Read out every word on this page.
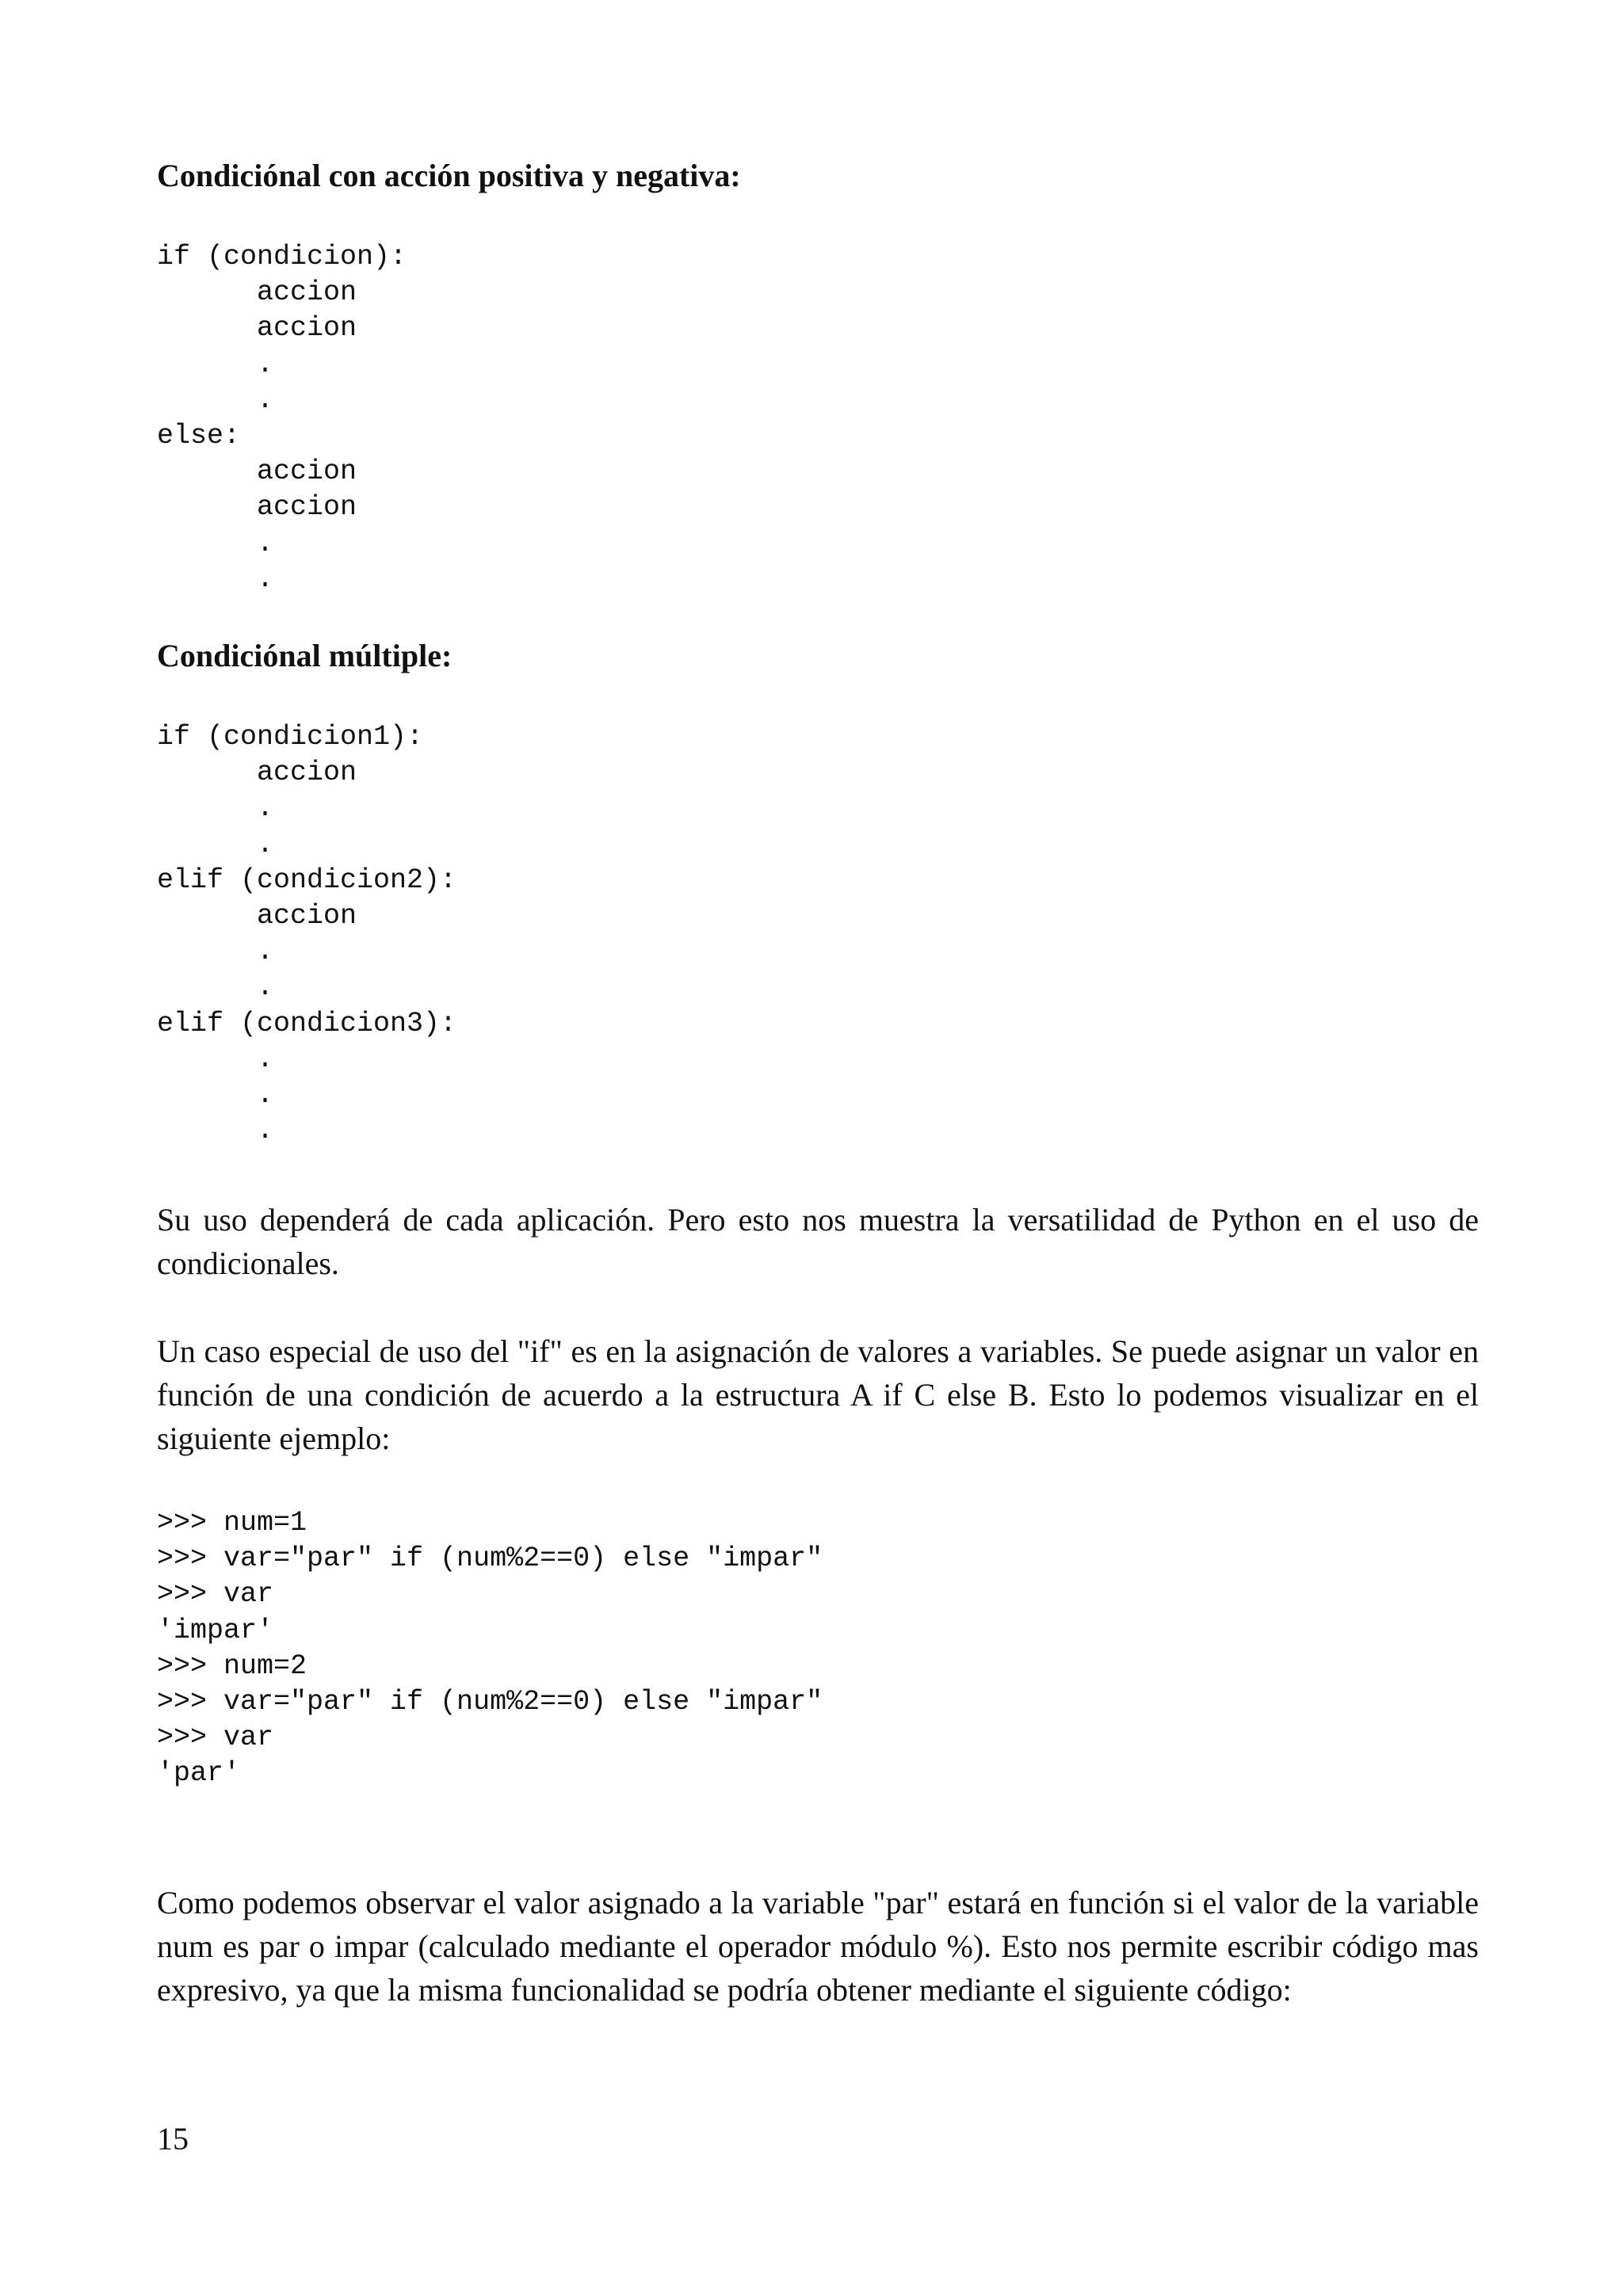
Condiciónal con acción positiva y negativa:
if (condicion):
accion
accion
.
.
else:
accion
accion
.
.
Condiciónal múltiple:
if (condicion1):
accion
.
.
elif (condicion2):
accion
.
.
elif (condicion3):
.
.
.

Su uso dependerá de cada aplicación. Pero esto nos muestra la versatilidad de Python en el uso de condicionales.

Un caso especial de uso del "if" es en la asignación de valores a variables. Se puede asignar un valor en función de una condición de acuerdo a la estructura A if C else B. Esto lo podemos visualizar en el siguiente ejemplo:

>>> num=1
>>> var="par" if (num%2==0) else "impar"
>>> var
'impar'
>>> num=2
>>> var="par" if (num%2==0) else "impar"
>>> var
'par'

Como podemos observar el valor asignado a la variable "par" estará en función si el valor de la variable num es par o impar (calculado mediante el operador módulo %). Esto nos permite escribir código mas expresivo, ya que la misma funcionalidad se podría obtener mediante el siguiente código:

15
